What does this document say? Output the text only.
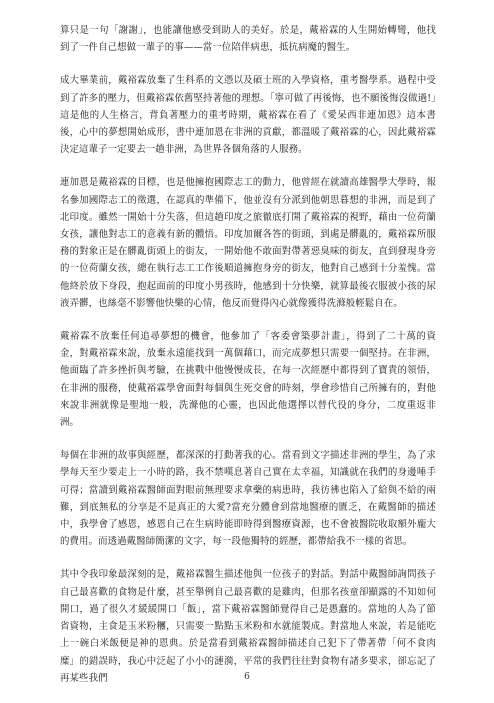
算只是一句「謝謝」，也能讓他感受到助人的美好。於是，戴裕霖的人生開始轉彎，他找到了一件自己想做一輩子的事——當一位陪伴病患，抵抗病魔的醫生。

成大畢業前，戴裕霖放棄了生科系的文憑以及碩士班的入學資格，重考醫學系。過程中受到了許多的壓力，但戴裕霖依舊堅持著他的理想。「寧可做了再後悔，也不願後悔沒做過!」這是他的人生格言，背負著壓力的重考時期，戴裕霖在看了《愛呆西非連加恩》這本書後，心中的夢想開始成形，書中連加恩在非洲的貢獻，都溫暖了戴裕霖的心，因此戴裕霖決定這輩子一定要去一趟非洲，為世界各個角落的人服務。

連加恩是戴裕霖的目標，也是他擁抱國際志工的動力，他曾經在就讀高雄醫學大學時，報名參加國際志工的徵選，在認真的準備下，他並沒有分派到他朝思暮想的非洲，而是到了北印度。雖然一開始十分失落，但這趟印度之旅徹底打開了戴裕霖的視野，藉由一位荷蘭女孩，讓他對志工的意義有新的體悟。印度加爾各答的街頭，到處是髒亂的，戴裕霖所服務的對象正是在髒亂街頭上的街友，一開始他不敢面對帶著惡臭味的街友，直到發現身旁的一位荷蘭女孩，總在執行志工工作後順道擁抱身旁的街友，他對自己感到十分羞愧。當他終於放下身段，抱起面前的印度小男孩時，他感到十分快樂，就算最後衣服被小孩的尿液弄髒，也絲毫不影響他快樂的心情，他反而覺得內心就像獲得洗滌般輕鬆自在。

戴裕霖不放棄任何追尋夢想的機會，他參加了「客委會築夢計畫」，得到了二十萬的資金，對戴裕霖來說，放棄永遠能找到一萬個藉口，而完成夢想只需要一個堅持。在非洲，他面臨了許多挫折與考驗，在挑戰中他慢慢成長，在每一次經歷中都得到了寶貴的領悟，在非洲的服務，使戴裕霖學會面對每個與生死交會的時刻，學會珍惜自己所擁有的，對他來說非洲就像是聖地一般，洗滌他的心靈，也因此他選擇以替代役的身分，二度重返非洲。

每個在非洲的故事與經歷，都深深的打動著我的心。當看到文字描述非洲的學生，為了求學每天至少要走上一小時的路，我不禁嘆息著自己實在太幸福，知識就在我們的身邊唾手可得；當讀到戴裕霖醫師面對眼前無理要求拿藥的病患時，我彷彿也陷入了給與不給的兩難，到底無私的分享是不是真正的大愛?當充分體會到當地醫療的匱乏，在戴醫師的描述中，我學會了感恩，感恩自己在生病時能即時得到醫療資源，也不會被醫院收取額外龐大的費用。而透過戴醫師簡潔的文字，每一段他獨特的經歷，都帶給我不一樣的省思。

其中令我印象最深刻的是，戴裕霖醫生描述他與一位孩子的對話。對話中戴醫師詢問孩子自己最喜歡的食物是什麼，甚至舉例自己最喜歡的是雞肉，但那名孩童卻顯露的不知如何開口，過了很久才緩緩開口「飯」，當下戴裕霖醫師覺得自己是愚蠢的。當地的人為了節省資物，主食是玉米粉糰，只需要一點點玉米粉和水就能製成。對當地人來說，若是能吃上一碗白米飯便是神的恩典。於是當看到戴裕霖醫師描述自己犯下了帶著帶「何不食肉糜」的錯誤時，我心中泛起了小小的漣漪，平常的我們往往對食物有諸多要求，卻忘記了再某些我們	6
